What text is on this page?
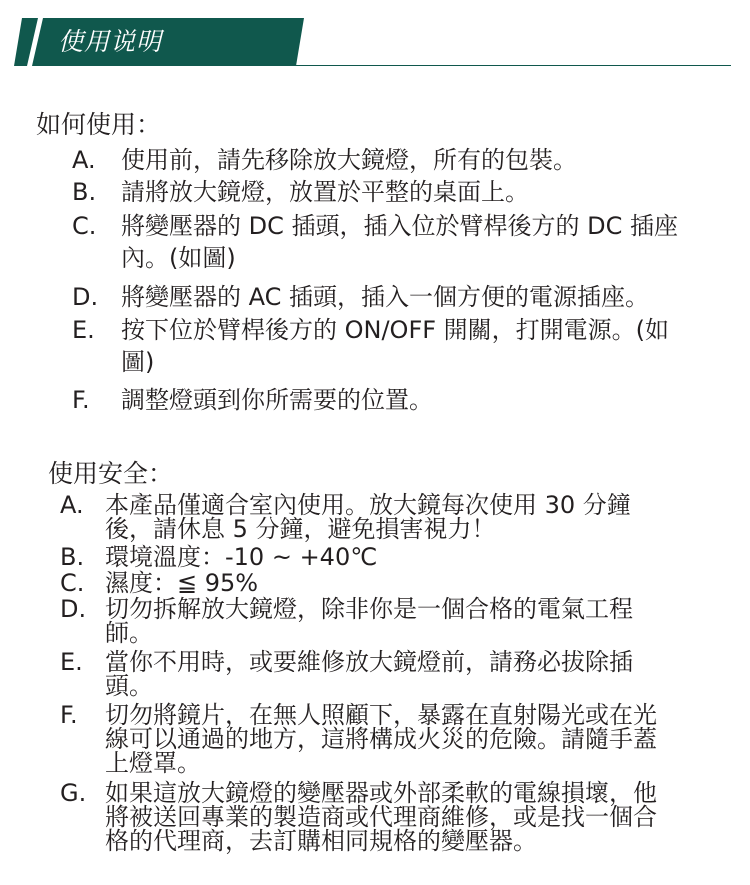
使用说明
如何使用：
A. 使用前，請先移除放大鏡燈，所有的包裝。
B. 請將放大鏡燈，放置於平整的桌面上。
C. 將變壓器的 DC 插頭，插入位於臂桿後方的 DC 插座
內。(如圖)
D. 將變壓器的 AC 插頭，插入一個方便的電源插座。
E. 按下位於臂桿後方的 ON/OFF 開關，打開電源。(如
圖)
F. 調整燈頭到你所需要的位置。
使用安全：
A. 本產品僅適合室內使用。放大鏡每次使用 30 分鐘
後，請休息 5 分鐘，避免損害視力！
B. 環境溫度：-10 ~ +40℃
C. 濕度：≦ 95%
D. 切勿拆解放大鏡燈，除非你是一個合格的電氣工程
師。
E. 當你不用時，或要維修放大鏡燈前，請務必拔除插
頭。
F. 切勿將鏡片，在無人照顧下，暴露在直射陽光或在光
線可以通過的地方，這將構成火災的危險。請隨手蓋
上燈罩。
G. 如果這放大鏡燈的變壓器或外部柔軟的電線損壞，他
將被送回專業的製造商或代理商維修，或是找一個合
格的代理商，去訂購相同規格的變壓器。
